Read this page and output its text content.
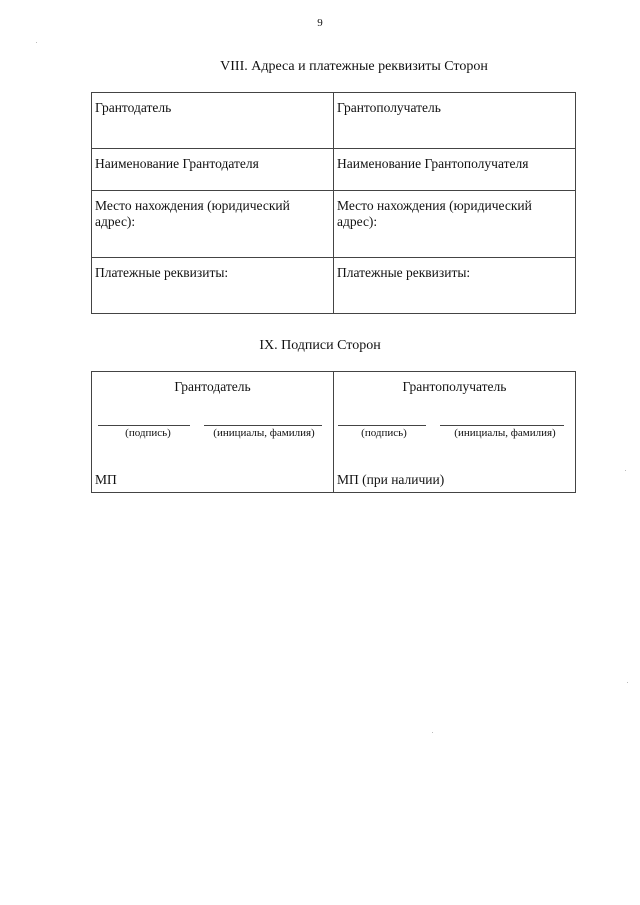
9
VIII. Адреса и платежные реквизиты Сторон
Грантодатель	Грантополучатель
Наименование Грантодателя	Наименование Грантополучателя
Место нахождения (юридический адрес):	Место нахождения (юридический адрес):
Платежные реквизиты:	Платежные реквизиты:
IX. Подписи Сторон
Грантодатель
(подпись)	(инициалы, фамилия)
МП

Грантополучатель
(подпись)	(инициалы, фамилия)
МП (при наличии)
